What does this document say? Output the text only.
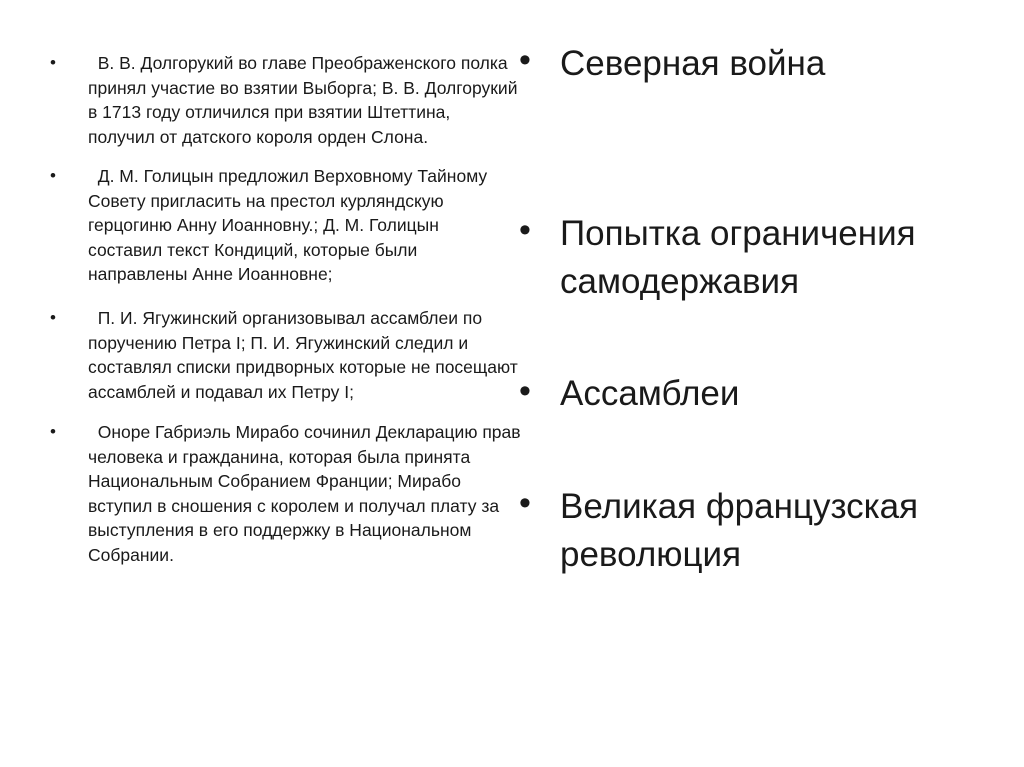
•	В. В. Долгорукий во главе Преображенского полка
принял участие во взятии Выборга; В. В. Долгорукий
в 1713 году отличился при взятии Штеттина,
получил от датского короля орден Слона.
•	Д. М. Голицын предложил Верховному Тайному
Совету пригласить на престол курляндскую
герцогиню Анну Иоанновну.; Д. М. Голицын
составил текст Кондиций, которые были
направлены Анне Иоанновне;
•	П. И. Ягужинский организовывал ассамблеи по
поручению Петра I; П. И. Ягужинский следил и
составлял списки придворных которые не посещают
ассамблей и подавал их Петру I;
•	Оноре Габриэль Мирабо сочинил Декларацию прав
человека и гражданина, которая была принята
Национальным Собранием Франции; Мирабо
вступил в сношения с королем и получал плату за
выступления в его поддержку в Национальном
Собрании.
• Северная война
• Попытка ограничения
самодержавия
• Ассамблеи
• Великая французская
революция
